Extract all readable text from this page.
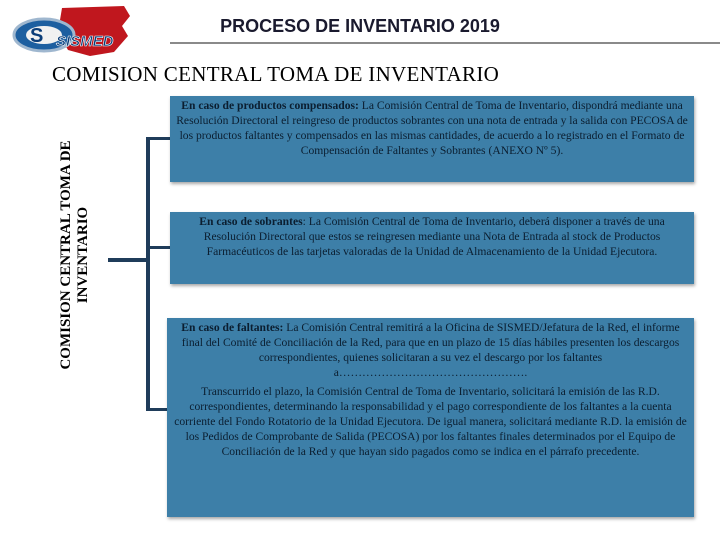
S SISMED
PROCESO DE INVENTARIO 2019
COMISION CENTRAL TOMA DE INVENTARIO
COMISION CENTRAL TOMA DE INVENTARIO

En caso de productos compensados: La Comisión Central de Toma de Inventario, dispondrá mediante una Resolución Directoral el reingreso de productos sobrantes con una nota de entrada y la salida con PECOSA de los productos faltantes y compensados en las mismas cantidades, de acuerdo a lo registrado en el Formato de Compensación de Faltantes y Sobrantes (ANEXO Nº 5).

En caso de sobrantes: La Comisión Central de Toma de Inventario, deberá disponer a través de una Resolución Directoral que estos se reingresen mediante una Nota de Entrada al stock de Productos Farmacéuticos de las tarjetas valoradas de la Unidad de Almacenamiento de la Unidad Ejecutora.

En caso de faltantes: La Comisión Central remitirá a la Oficina de SISMED/Jefatura de la Red, el informe final del Comité de Conciliación de la Red, para que en un plazo de 15 días hábiles presenten los descargos correspondientes, quienes solicitaran a su vez el descargo por los faltantes a………………………………………….

Transcurrido el plazo, la Comisión Central de Toma de Inventario, solicitará la emisión de las R.D. correspondientes, determinando la responsabilidad y el pago correspondiente de los faltantes a la cuenta corriente del Fondo Rotatorio de la Unidad Ejecutora. De igual manera, solicitará mediante R.D. la emisión de los Pedidos de Comprobante de Salida (PECOSA) por los faltantes finales determinados por el Equipo de Conciliación de la Red y que hayan sido pagados como se indica en el párrafo precedente.
